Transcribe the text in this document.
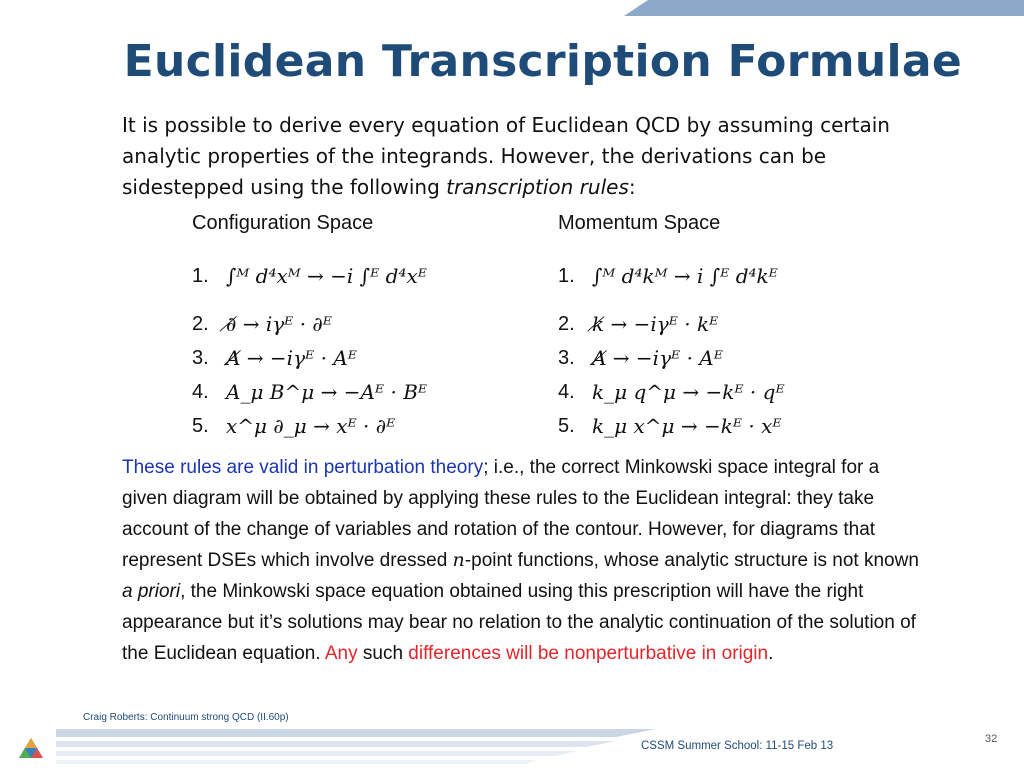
Euclidean Transcription Formulae
It is possible to derive every equation of Euclidean QCD by assuming certain analytic properties of the integrands. However, the derivations can be sidestepped using the following transcription rules:
Configuration Space
1. ∫ᴹ d⁴xᴹ → −i ∫ᴱ d⁴xᴱ
2. ∂̸ → iγᴱ · ∂ᴱ
3. A̸ → −iγᴱ · Aᴱ
4. A_μ B^μ → −Aᴱ · Bᴱ
5. x^μ ∂_μ → xᴱ · ∂ᴱ
Momentum Space
1. ∫ᴹ d⁴kᴹ → i ∫ᴱ d⁴kᴱ
2. k̸ → −iγᴱ · kᴱ
3. A̸ → −iγᴱ · Aᴱ
4. k_μ q^μ → −kᴱ · qᴱ
5. k_μ x^μ → −kᴱ · xᴱ
These rules are valid in perturbation theory; i.e., the correct Minkowski space integral for a given diagram will be obtained by applying these rules to the Euclidean integral: they take account of the change of variables and rotation of the contour. However, for diagrams that represent DSEs which involve dressed n-point functions, whose analytic structure is not known a priori, the Minkowski space equation obtained using this prescription will have the right appearance but it’s solutions may bear no relation to the analytic continuation of the solution of the Euclidean equation. Any such differences will be nonperturbative in origin.
Craig Roberts: Continuum strong QCD (II.60p)
CSSM Summer School: 11-15 Feb 13
32
